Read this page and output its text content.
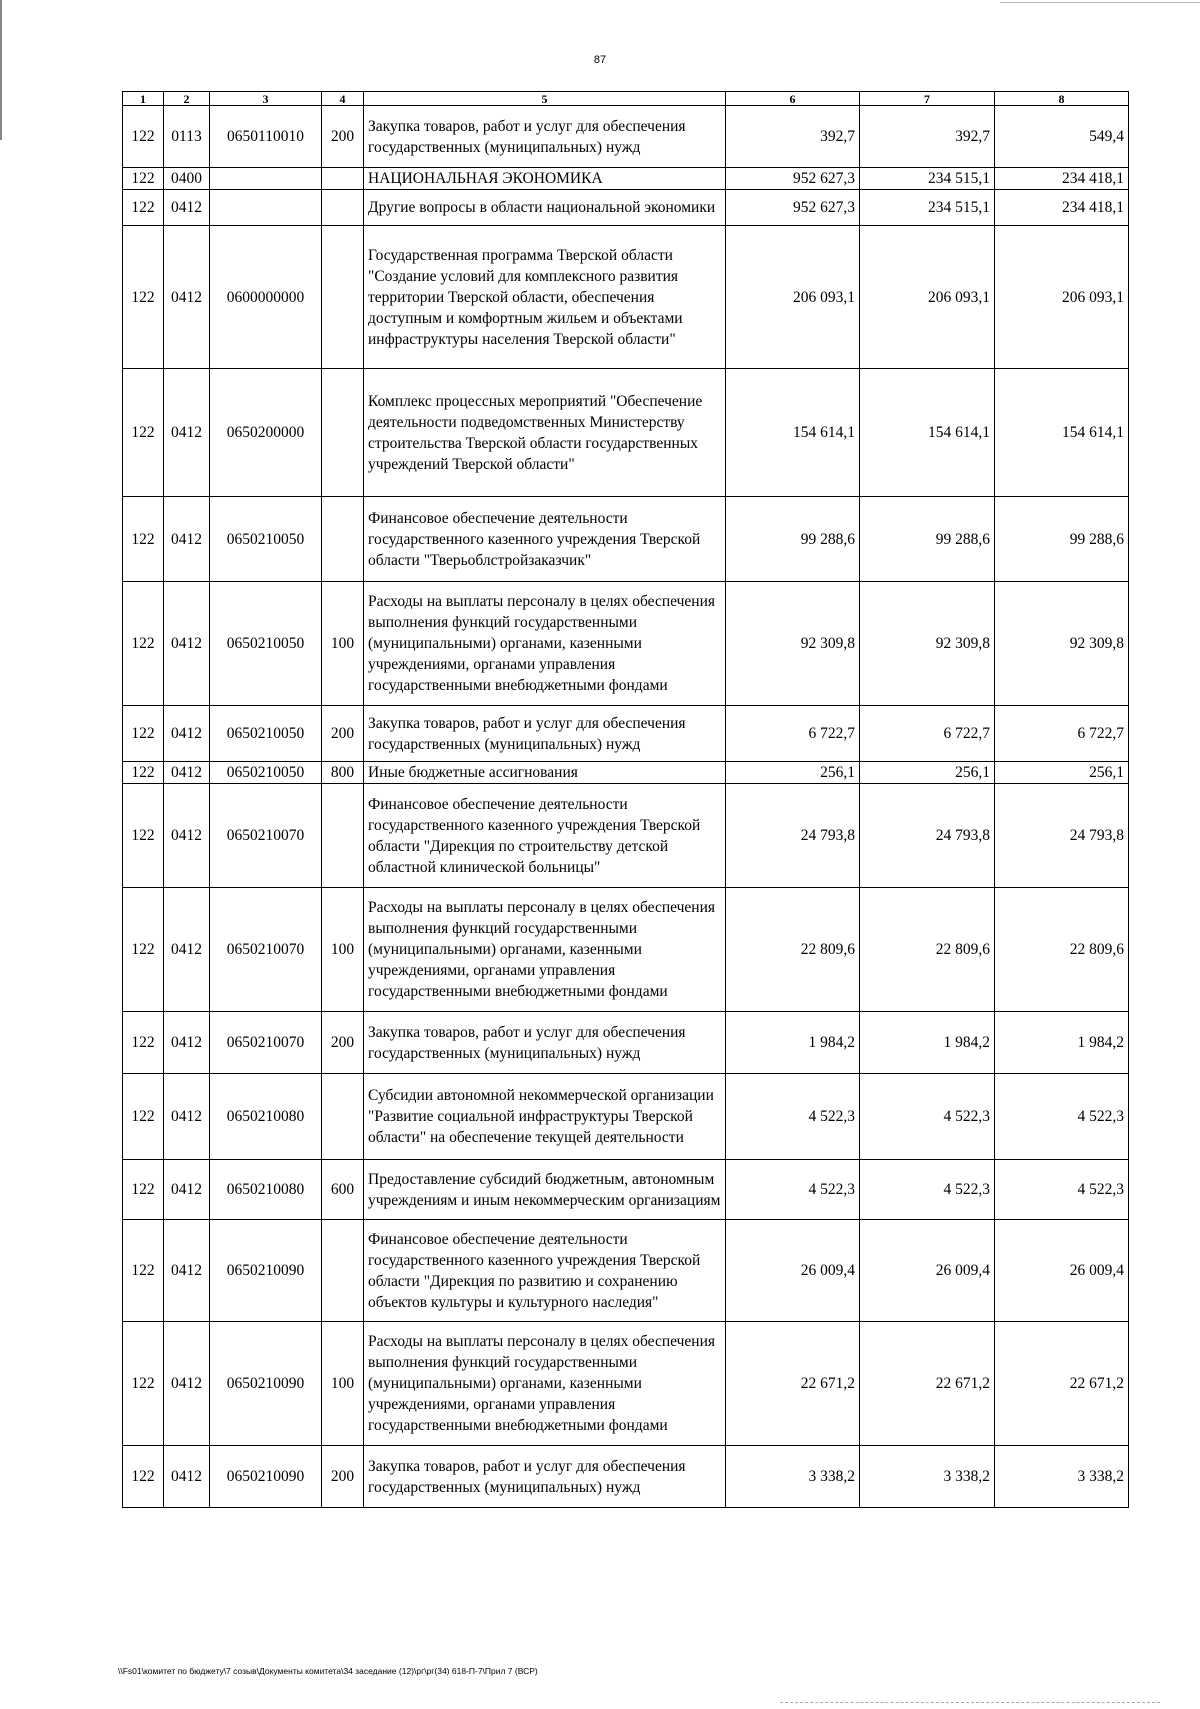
87
1	2	3	4	5	6	7	8
122	0113	0650110010	200	Закупка товаров, работ и услуг для обеспечения государственных (муниципальных) нужд	392,7	392,7	549,4
122	0400			НАЦИОНАЛЬНАЯ ЭКОНОМИКА	952 627,3	234 515,1	234 418,1
122	0412			Другие вопросы в области национальной экономики	952 627,3	234 515,1	234 418,1
122	0412	0600000000		Государственная программа Тверской области "Создание условий для комплексного развития территории Тверской области, обеспечения доступным и комфортным жильем и объектами инфраструктуры населения Тверской области"	206 093,1	206 093,1	206 093,1
122	0412	0650200000		Комплекс процессных мероприятий "Обеспечение деятельности подведомственных Министерству строительства Тверской области государственных учреждений Тверской области"	154 614,1	154 614,1	154 614,1
122	0412	0650210050		Финансовое обеспечение деятельности государственного казенного учреждения Тверской области "Тверьоблстройзаказчик"	99 288,6	99 288,6	99 288,6
122	0412	0650210050	100	Расходы на выплаты персоналу в целях обеспечения выполнения функций государственными (муниципальными) органами, казенными учреждениями, органами управления государственными внебюджетными фондами	92 309,8	92 309,8	92 309,8
122	0412	0650210050	200	Закупка товаров, работ и услуг для обеспечения государственных (муниципальных) нужд	6 722,7	6 722,7	6 722,7
122	0412	0650210050	800	Иные бюджетные ассигнования	256,1	256,1	256,1
122	0412	0650210070		Финансовое обеспечение деятельности государственного казенного учреждения Тверской области "Дирекция по строительству детской областной клинической больницы"	24 793,8	24 793,8	24 793,8
122	0412	0650210070	100	Расходы на выплаты персоналу в целях обеспечения выполнения функций государственными (муниципальными) органами, казенными учреждениями, органами управления государственными внебюджетными фондами	22 809,6	22 809,6	22 809,6
122	0412	0650210070	200	Закупка товаров, работ и услуг для обеспечения государственных (муниципальных) нужд	1 984,2	1 984,2	1 984,2
122	0412	0650210080		Субсидии автономной некоммерческой организации "Развитие социальной инфраструктуры Тверской области" на обеспечение текущей деятельности	4 522,3	4 522,3	4 522,3
122	0412	0650210080	600	Предоставление субсидий бюджетным, автономным учреждениям и иным некоммерческим организациям	4 522,3	4 522,3	4 522,3
122	0412	0650210090		Финансовое обеспечение деятельности государственного казенного учреждения Тверской области "Дирекция по развитию и сохранению объектов культуры и культурного наследия"	26 009,4	26 009,4	26 009,4
122	0412	0650210090	100	Расходы на выплаты персоналу в целях обеспечения выполнения функций государственными (муниципальными) органами, казенными учреждениями, органами управления государственными внебюджетными фондами	22 671,2	22 671,2	22 671,2
122	0412	0650210090	200	Закупка товаров, работ и услуг для обеспечения государственных (муниципальных) нужд	3 338,2	3 338,2	3 338,2
\\Fs01\комитет по бюджету\7 созыв\Документы комитета\34 заседание (12)\рг\рг(34) 618-П-7\Прил 7 (ВСР)
